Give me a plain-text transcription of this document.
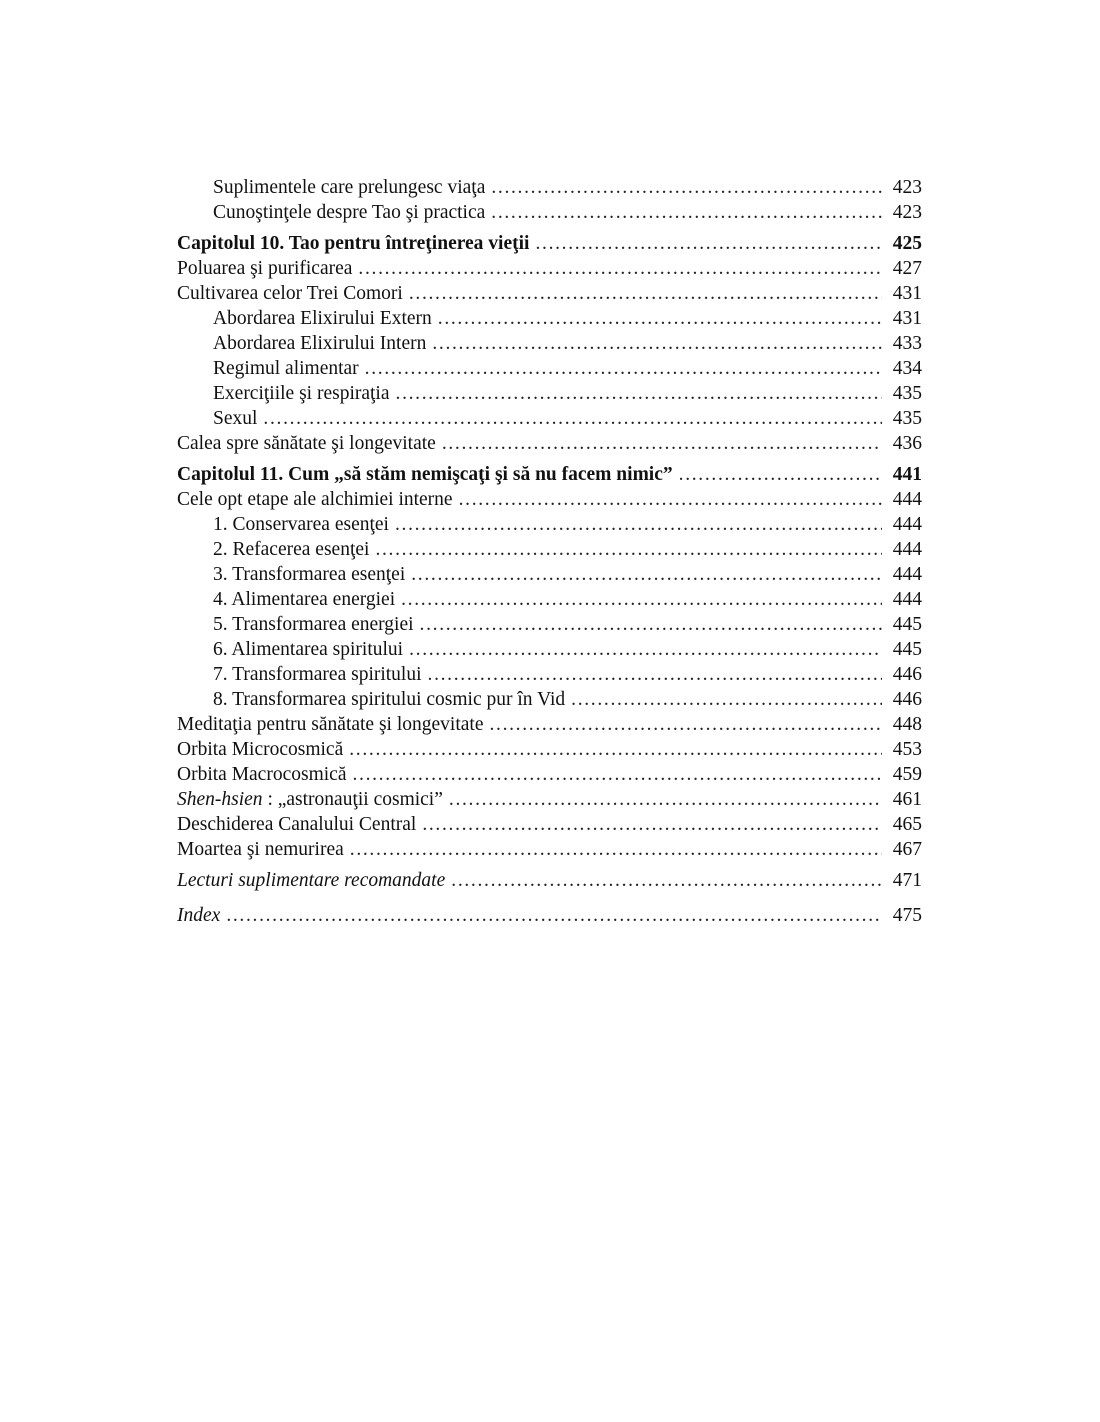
Suplimentele care prelungesc viaţa . . .	423
Cunoştinţele despre Tao şi practica . . .	423
Capitolul 10. Tao pentru întreţinerea vieţii . . .	425
Poluarea şi purificarea . . .	427
Cultivarea celor Trei Comori . . .	431
Abordarea Elixirului Extern . . .	431
Abordarea Elixirului Intern . . .	433
Regimul alimentar . . .	434
Exerciţiile şi respiraţia . . .	435
Sexul . . .	435
Calea spre sănătate şi longevitate . . .	436
Capitolul 11. Cum „să stăm nemişcaţi şi să nu facem nimic” . . .	441
Cele opt etape ale alchimiei interne . . .	444
1. Conservarea esenţei . . .	444
2. Refacerea esenţei . . .	444
3. Transformarea esenţei . . .	444
4. Alimentarea energiei . . .	444
5. Transformarea energiei . . .	445
6. Alimentarea spiritului . . .	445
7. Transformarea spiritului . . .	446
8. Transformarea spiritului cosmic pur în Vid . . .	446
Meditaţia pentru sănătate şi longevitate . . .	448
Orbita Microcosmică . . .	453
Orbita Macrocosmică . . .	459
Shen-hsien : „astronauţii cosmici” . . .	461
Deschiderea Canalului Central . . .	465
Moartea şi nemurirea . . .	467
Lecturi suplimentare recomandate . . .	471
Index . . .	475
